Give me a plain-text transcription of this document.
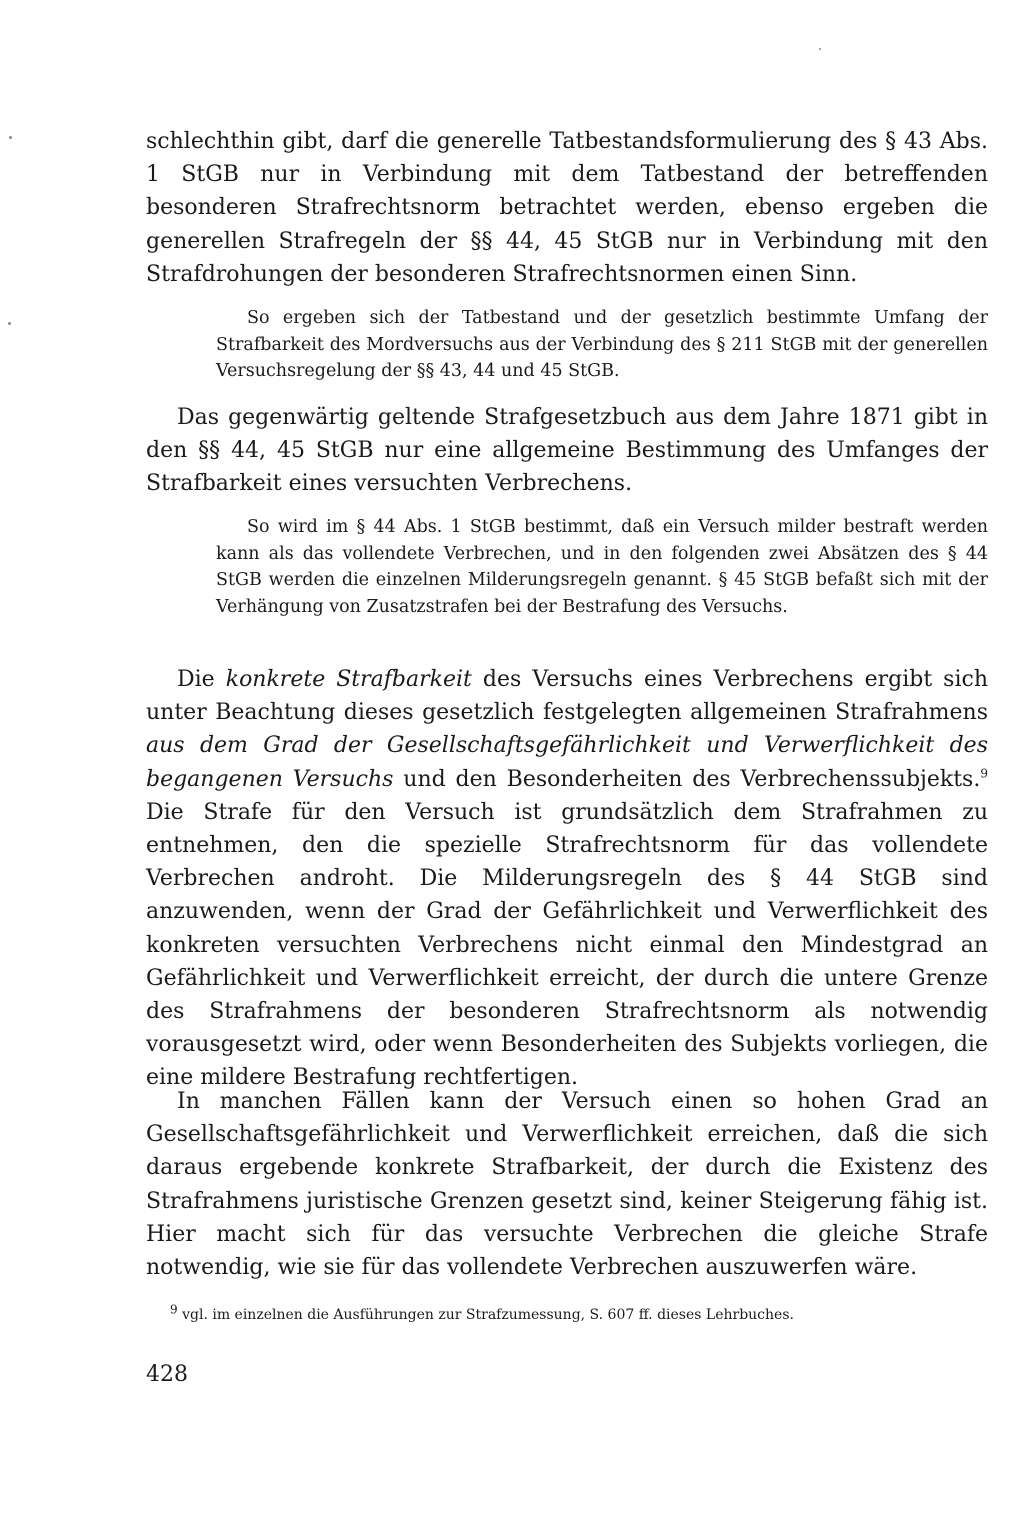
schlechthin gibt, darf die generelle Tatbestandsformulierung des § 43 Abs. 1 StGB nur in Verbindung mit dem Tatbestand der betreffenden besonderen Strafrechtsnorm betrachtet werden, ebenso ergeben die generellen Strafregeln der §§ 44, 45 StGB nur in Verbindung mit den Strafdrohungen der besonderen Strafrechtsnormen einen Sinn.

So ergeben sich der Tatbestand und der gesetzlich bestimmte Umfang der Strafbarkeit des Mordversuchs aus der Verbindung des § 211 StGB mit der generellen Versuchsregelung der §§ 43, 44 und 45 StGB.

Das gegenwärtig geltende Strafgesetzbuch aus dem Jahre 1871 gibt in den §§ 44, 45 StGB nur eine allgemeine Bestimmung des Umfanges der Strafbarkeit eines versuchten Verbrechens.

So wird im § 44 Abs. 1 StGB bestimmt, daß ein Versuch milder bestraft werden kann als das vollendete Verbrechen, und in den folgenden zwei Absätzen des § 44 StGB werden die einzelnen Milderungsregeln genannt. § 45 StGB befaßt sich mit der Verhängung von Zusatzstrafen bei der Bestrafung des Versuchs.

Die konkrete Strafbarkeit des Versuchs eines Verbrechens ergibt sich unter Beachtung dieses gesetzlich festgelegten allgemeinen Strafrahmens aus dem Grad der Gesellschaftsgefährlichkeit und Verwerflichkeit des begangenen Versuchs und den Besonderheiten des Verbrechenssubjekts.$^9$ Die Strafe für den Versuch ist grundsätzlich dem Strafrahmen zu entnehmen, den die spezielle Strafrechtsnorm für das vollendete Verbrechen androht. Die Milderungsregeln des § 44 StGB sind anzuwenden, wenn der Grad der Gefährlichkeit und Verwerflichkeit des konkreten versuchten Verbrechens nicht einmal den Mindestgrad an Gefährlichkeit und Verwerflichkeit erreicht, der durch die untere Grenze des Strafrahmens der besonderen Strafrechtsnorm als notwendig vorausgesetzt wird, oder wenn Besonderheiten des Subjekts vorliegen, die eine mildere Bestrafung rechtfertigen.

In manchen Fällen kann der Versuch einen so hohen Grad an Gesellschaftsgefährlichkeit und Verwerflichkeit erreichen, daß die sich daraus ergebende konkrete Strafbarkeit, der durch die Existenz des Strafrahmens juristische Grenzen gesetzt sind, keiner Steigerung fähig ist. Hier macht sich für das versuchte Verbrechen die gleiche Strafe notwendig, wie sie für das vollendete Verbrechen auszuwerfen wäre.

9 vgl. im einzelnen die Ausführungen zur Strafzumessung, S. 607 ff. dieses Lehrbuches.
428
